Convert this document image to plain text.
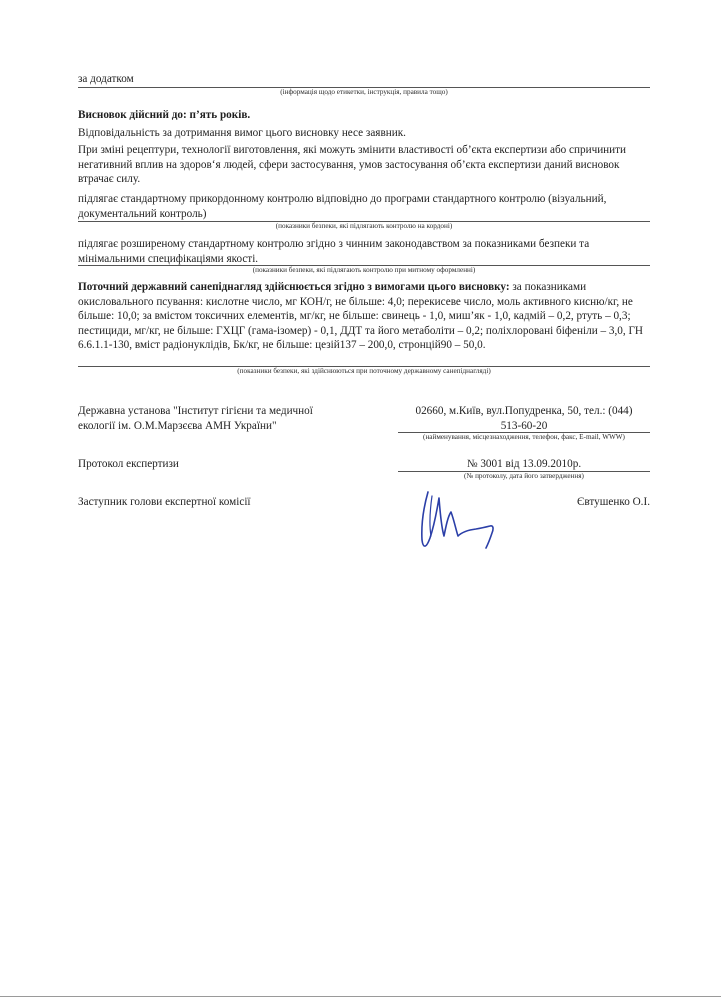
за додатком
(інформація щодо етикетки, інструкція, правила тощо)
Висновок дійсний до: п’ять років.
Відповідальність за дотримання вимог цього висновку несе заявник.
При зміні рецептури, технології виготовлення, які можуть змінити властивості об’єкта експертизи або спричинити негативний вплив на здоров‘я людей, сфери застосування, умов застосування об’єкта експертизи даний висновок втрачає силу.
підлягає стандартному прикордонному контролю відповідно до програми стандартного контролю (візуальний, документальний контроль)
(показники безпеки, які підлягають контролю на кордоні)
підлягає розширеному стандартному контролю згідно з чинним законодавством за показниками безпеки та мінімальними специфікаціями якості.
(показники безпеки, які підлягають контролю при митному оформленні)
Поточний державний санепіднагляд здійснюється згідно з вимогами цього висновку: за показниками окисловального псування: кислотне число, мг КОН/г, не більше: 4,0; перекисеве число, моль активного кисню/кг, не більше: 10,0; за вмістом токсичних елементів, мг/кг, не більше: свинець - 1,0, миш’як - 1,0, кадмій – 0,2, ртуть – 0,3; пестициди, мг/кг, не більше: ГХЦГ (гама-ізомер) - 0,1, ДДТ та його метаболіти – 0,2; поліхлоровані біфеніли – 3,0, ГН 6.6.1.1-130, вміст радіонуклідів, Бк/кг, не більше: цезій137 – 200,0, стронцій90 – 50,0.
(показники безпеки, які здійснюються при поточному державному санепіднагляді)
Державна установа "Інститут гігієни та медичної екології ім. О.М.Марзєєва АМН України"
02660, м.Київ, вул.Попудренка, 50, тел.: (044)
513-60-20
(найменування, місцезнаходження, телефон, факс, E-mail, WWW)
Протокол експертизи	№ 3001 від 13.09.2010р.
(№ протоколу, дата його затвердження)
Заступник голови експертної комісії	Євтушенко О.І.
